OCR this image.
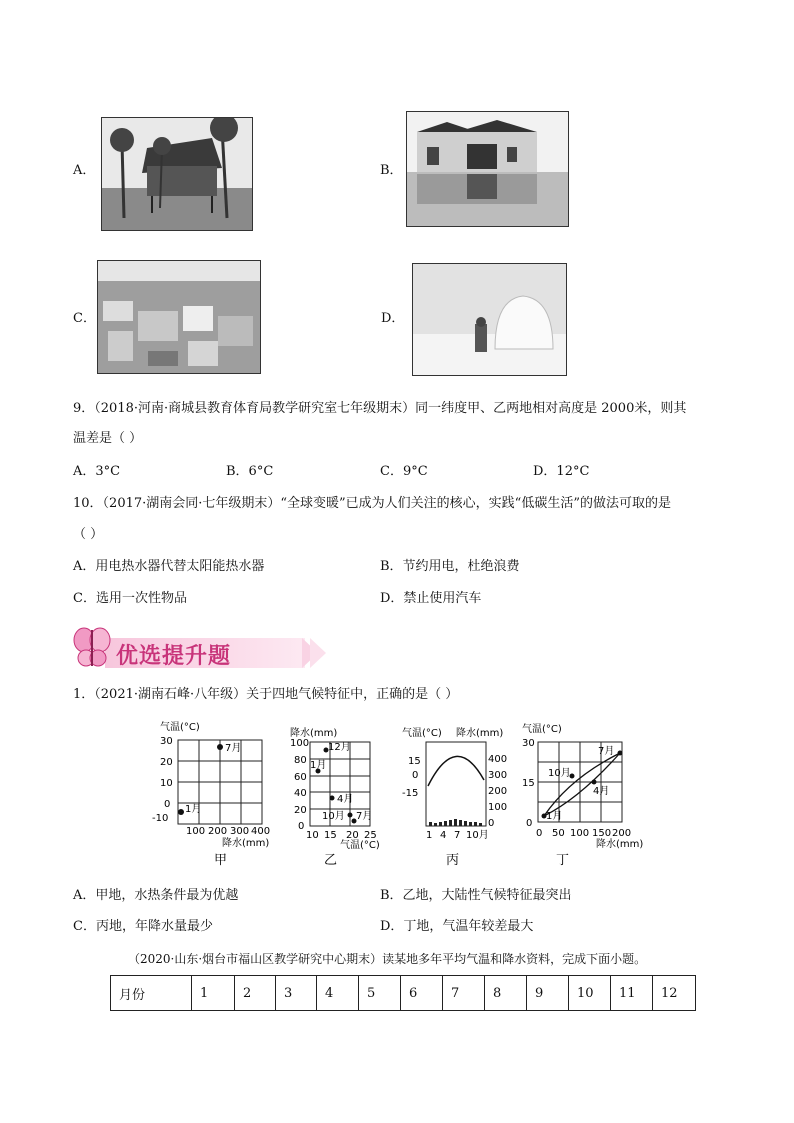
A．	B．
C．	D．
9．（2018·河南·商城县教育体育局教学研究室七年级期末）同一纬度甲、乙两地相对高度是 2000米，则其
温差是（ ）
A．3°C	B．6°C	C．9°C	D．12°C
10．（2017·湖南会同·七年级期末）“全球变暖”已成为人们关注的核心，实践“低碳生活”的做法可取的是
（ ）
A．用电热水器代替太阳能热水器	B．节约用电，杜绝浪费
C．选用一次性物品	D．禁止使用汽车
优选提升题
1．（2021·湖南石峰·八年级）关于四地气候特征中，正确的是（ ）
气温(°C)
30
20
10
0
-10
100 200 300 400
降水(mm)
7月
1月
甲
降水(mm)
100
80
60
40
20
0
10 15 20 25
气温(°C)
12月
1月
4月
10月 7月
乙
气温(°C) 降水(mm)
15
0
-15
400
300
200
100
0
1 4 7 10月
丙
气温(°C)
30
15
0
0 50 100 150 200
降水(mm)
7月
10月
4月
1月
丁
A．甲地，水热条件最为优越	B．乙地，大陆性气候特征最突出
C．丙地，年降水量最少	D．丁地，气温年较差最大
（2020·山东·烟台市福山区教学研究中心期末）读某地多年平均气温和降水资料，完成下面小题。
月份	1	2	3	4	5	6	7	8	9	10	11	12
